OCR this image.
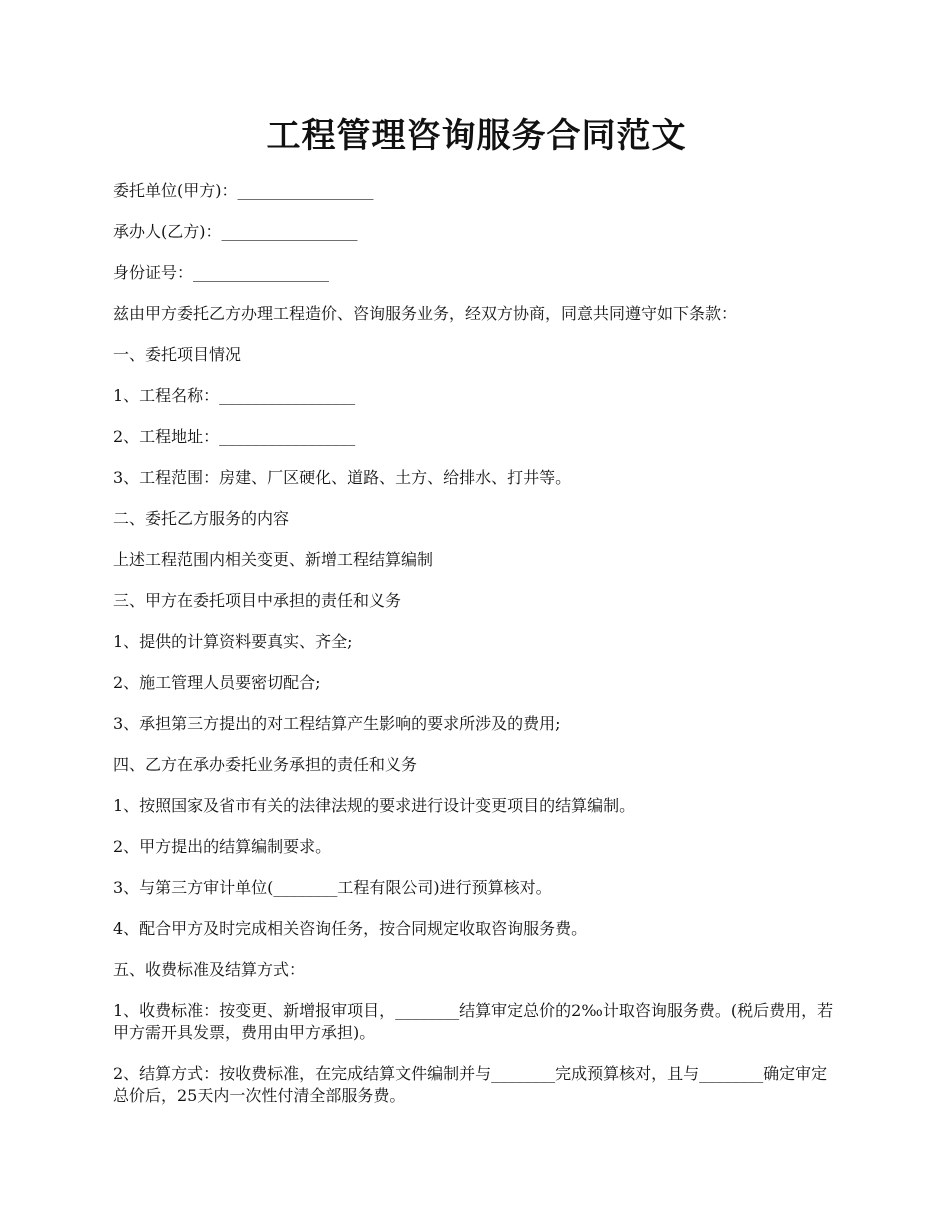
工程管理咨询服务合同范文

委托单位(甲方)：_________________

承办人(乙方)：_________________

身份证号：_________________

兹由甲方委托乙方办理工程造价、咨询服务业务，经双方协商，同意共同遵守如下条款：

一、委托项目情况

1、工程名称：_________________

2、工程地址：_________________

3、工程范围：房建、厂区硬化、道路、土方、给排水、打井等。

二、委托乙方服务的内容

上述工程范围内相关变更、新增工程结算编制

三、甲方在委托项目中承担的责任和义务

1、提供的计算资料要真实、齐全;

2、施工管理人员要密切配合;

3、承担第三方提出的对工程结算产生影响的要求所涉及的费用;

四、乙方在承办委托业务承担的责任和义务

1、按照国家及省市有关的法律法规的要求进行设计变更项目的结算编制。

2、甲方提出的结算编制要求。

3、与第三方审计单位(________工程有限公司)进行预算核对。

4、配合甲方及时完成相关咨询任务，按合同规定收取咨询服务费。

五、收费标准及结算方式：

1、收费标准：按变更、新增报审项目，________结算审定总价的2‰计取咨询服务费。(税后费用，若甲方需开具发票，费用由甲方承担)。

2、结算方式：按收费标准，在完成结算文件编制并与________完成预算核对，且与________确定审定总价后，25天内一次性付清全部服务费。
